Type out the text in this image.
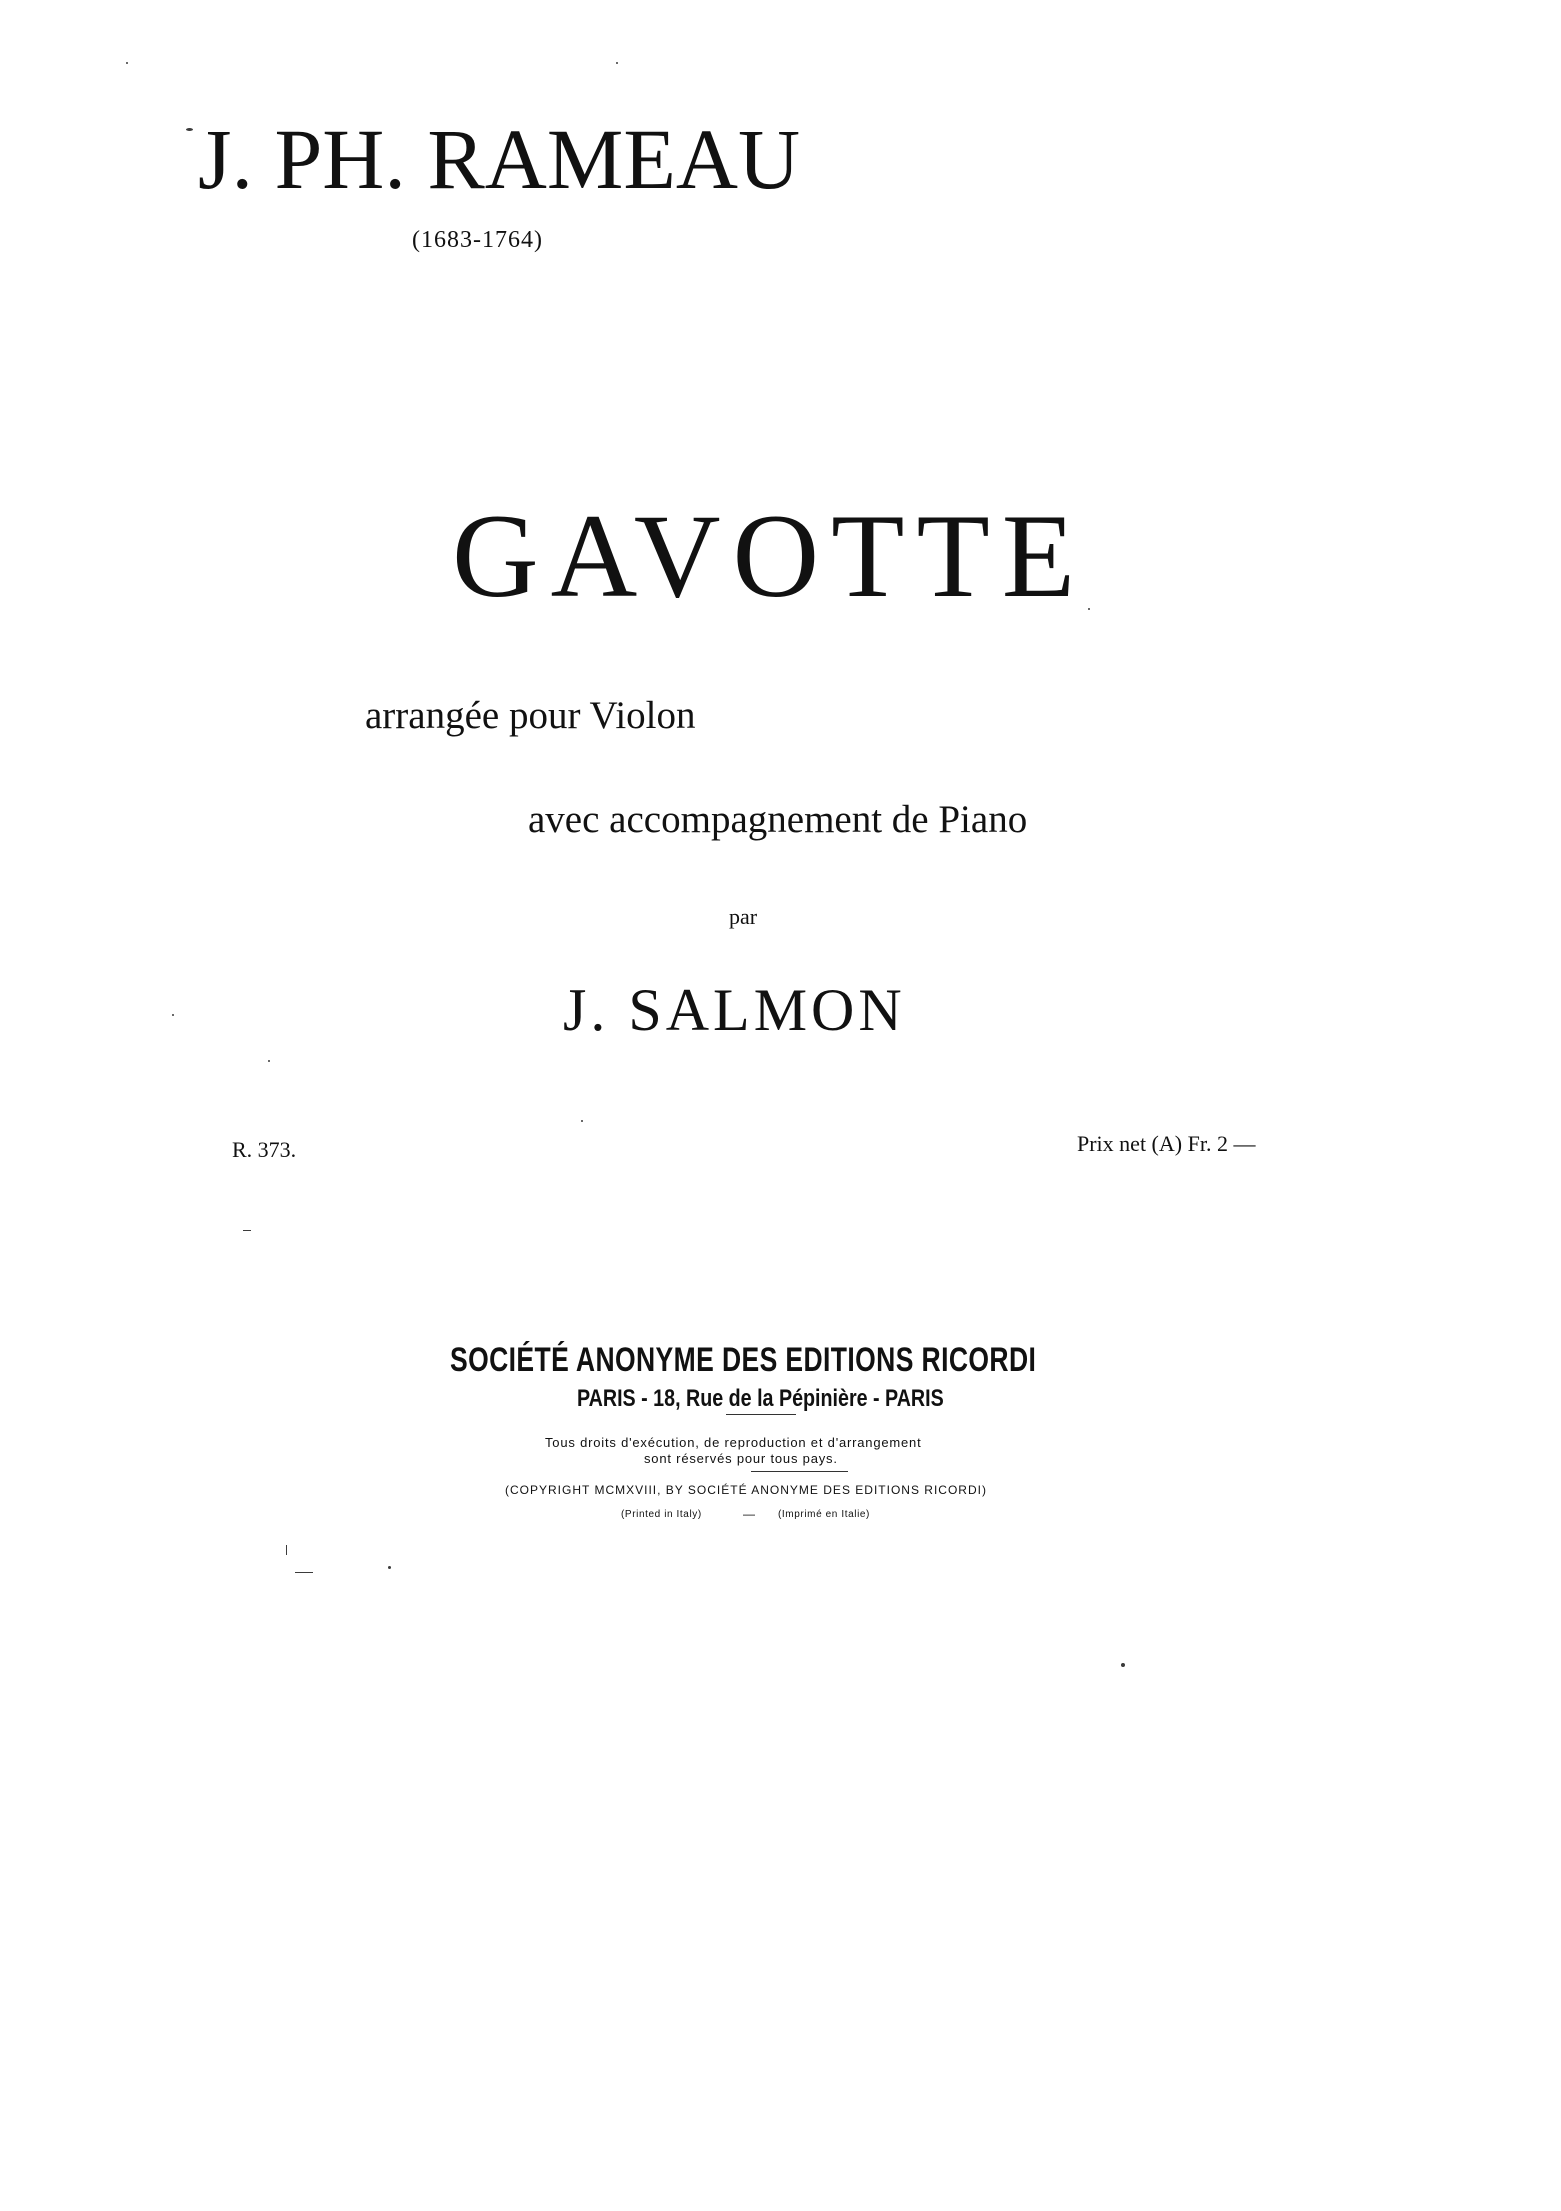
J. PH. RAMEAU
(1683-1764)
GAVOTTE
arrangée pour Violon
avec accompagnement de Piano
par
J. SALMON
R. 373.	Prix net (A) Fr. 2 —
SOCIÉTÉ ANONYME DES EDITIONS RICORDI
PARIS - 18, Rue de la Pépinière - PARIS
Tous droits d'exécution, de reproduction et d'arrangement
sont réservés pour tous pays.
(COPYRIGHT MCMXVIII, BY SOCIÉTÉ ANONYME DES EDITIONS RICORDI)
(Printed in Italy)	— (Imprimé en Italie)
